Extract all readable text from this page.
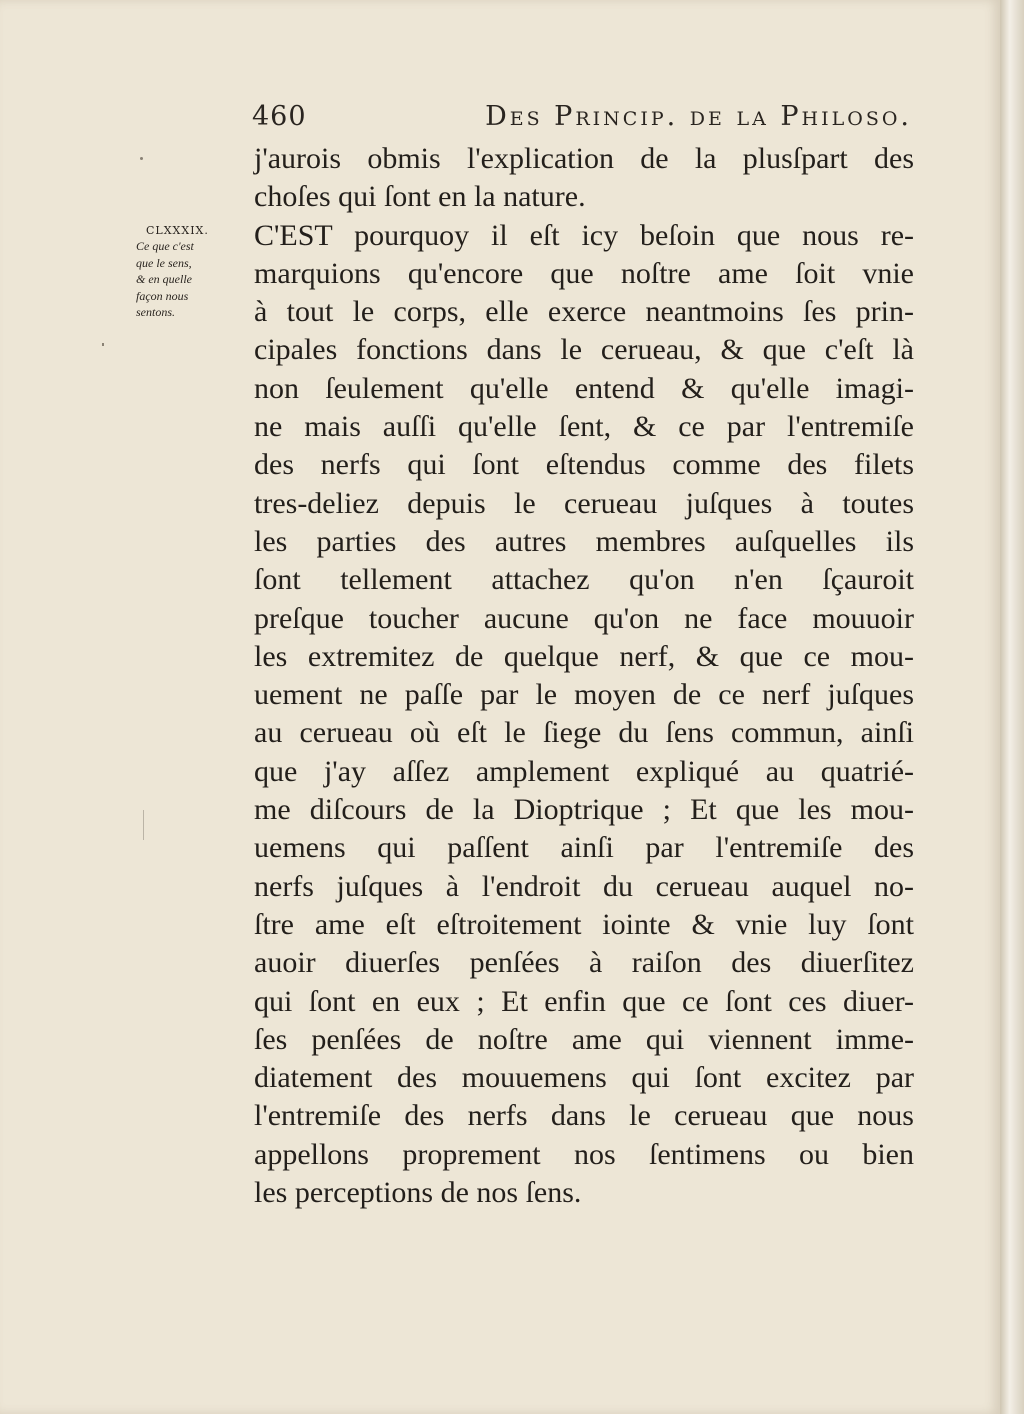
460	Des Princip. de la Philoso.
CLXXXIX.
Ce que c'est
que le sens,
& en quelle
façon nous
sentons.
j'aurois obmis l'explication de la plusſpart des
choſes qui ſont en la nature.
C'EST pourquoy il eſt icy beſoin que nous re-
marquions qu'encore que noſtre ame ſoit vnie
à tout le corps, elle exerce neantmoins ſes prin-
cipales fonctions dans le cerueau, & que c'eſt là
non ſeulement qu'elle entend & qu'elle imagi-
ne mais auſſi qu'elle ſent, & ce par l'entremiſe
des nerfs qui ſont eſtendus comme des filets
tres-deliez depuis le cerueau juſques à toutes
les parties des autres membres auſquelles ils
ſont tellement attachez qu'on n'en ſçauroit
preſque toucher aucune qu'on ne face mouuoir
les extremitez de quelque nerf, & que ce mou-
uement ne paſſe par le moyen de ce nerf juſques
au cerueau où eſt le ſiege du ſens commun, ainſi
que j'ay aſſez amplement expliqué au quatrié-
me diſcours de la Dioptrique ; Et que les mou-
uemens qui paſſent ainſi par l'entremiſe des
nerfs juſques à l'endroit du cerueau auquel no-
ſtre ame eſt eſtroitement iointe & vnie luy ſont
auoir diuerſes penſées à raiſon des diuerſitez
qui ſont en eux ; Et enfin que ce ſont ces diuer-
ſes penſées de noſtre ame qui viennent imme-
diatement des mouuemens qui ſont excitez par
l'entremiſe des nerfs dans le cerueau que nous
appellons proprement nos ſentimens ou bien
les perceptions de nos ſens.
